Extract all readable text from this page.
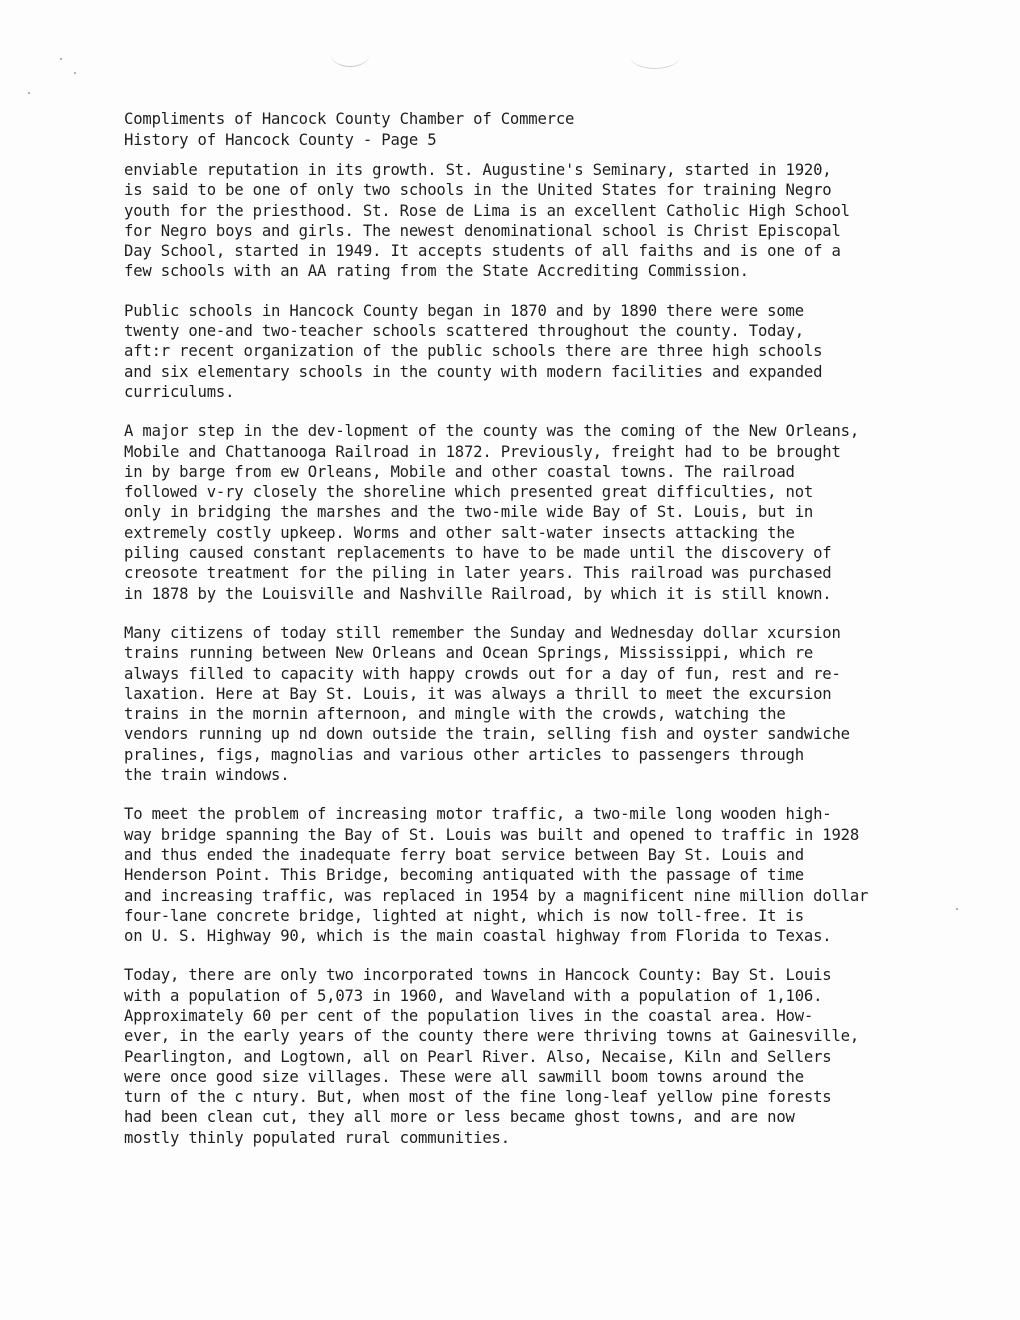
Compliments of Hancock County Chamber of Commerce

History of Hancock County - Page 5

enviable reputation in its growth. St. Augustine's Seminary, started in 1920,
is said to be one of only two schools in the United States for training Negro
youth for the priesthood. St. Rose de Lima is an excellent Catholic High School
for Negro boys and girls. The newest denominational school is Christ Episcopal
Day School, started in 1949. It accepts students of all faiths and is one of a
few schools with an AA rating from the State Accrediting Commission.
Public schools in Hancock County began in 1870 and by 1890 there were some
twenty one-and two-teacher schools scattered throughout the county. Today,
aft:r recent organization of the public schools there are three high schools
and six elementary schools in the county with modern facilities and expanded
curriculums.
A major step in the dev-lopment of the county was the coming of the New Orleans,
Mobile and Chattanooga Railroad in 1872. Previously, freight had to be brought
in by barge from ew Orleans, Mobile and other coastal towns. The railroad
followed v-ry closely the shoreline which presented great difficulties, not
only in bridging the marshes and the two-mile wide Bay of St. Louis, but in
extremely costly upkeep. Worms and other salt-water insects attacking the
piling caused constant replacements to have to be made until the discovery of
creosote treatment for the piling in later years. This railroad was purchased
in 1878 by the Louisville and Nashville Railroad, by which it is still known.
Many citizens of today still remember the Sunday and Wednesday dollar xcursion
trains running between New Orleans and Ocean Springs, Mississippi, which re
always filled to capacity with happy crowds out for a day of fun, rest and re-
laxation. Here at Bay St. Louis, it was always a thrill to meet the excursion
trains in the mornin afternoon, and mingle with the crowds, watching the
vendors running up nd down outside the train, selling fish and oyster sandwiche
pralines, figs, magnolias and various other articles to passengers through
the train windows.
To meet the problem of increasing motor traffic, a two-mile long wooden high-
way bridge spanning the Bay of St. Louis was built and opened to traffic in 1928
and thus ended the inadequate ferry boat service between Bay St. Louis and
Henderson Point. This Bridge, becoming antiquated with the passage of time
and increasing traffic, was replaced in 1954 by a magnificent nine million dollar
four-lane concrete bridge, lighted at night, which is now toll-free. It is
on U. S. Highway 90, which is the main coastal highway from Florida to Texas.
Today, there are only two incorporated towns in Hancock County: Bay St. Louis
with a population of 5,073 in 1960, and Waveland with a population of 1,106.
Approximately 60 per cent of the population lives in the coastal area. How-
ever, in the early years of the county there were thriving towns at Gainesville,
Pearlington, and Logtown, all on Pearl River. Also, Necaise, Kiln and Sellers
were once good size villages. These were all sawmill boom towns around the
turn of the c ntury. But, when most of the fine long-leaf yellow pine forests
had been clean cut, they all more or less became ghost towns, and are now
mostly thinly populated rural communities.
